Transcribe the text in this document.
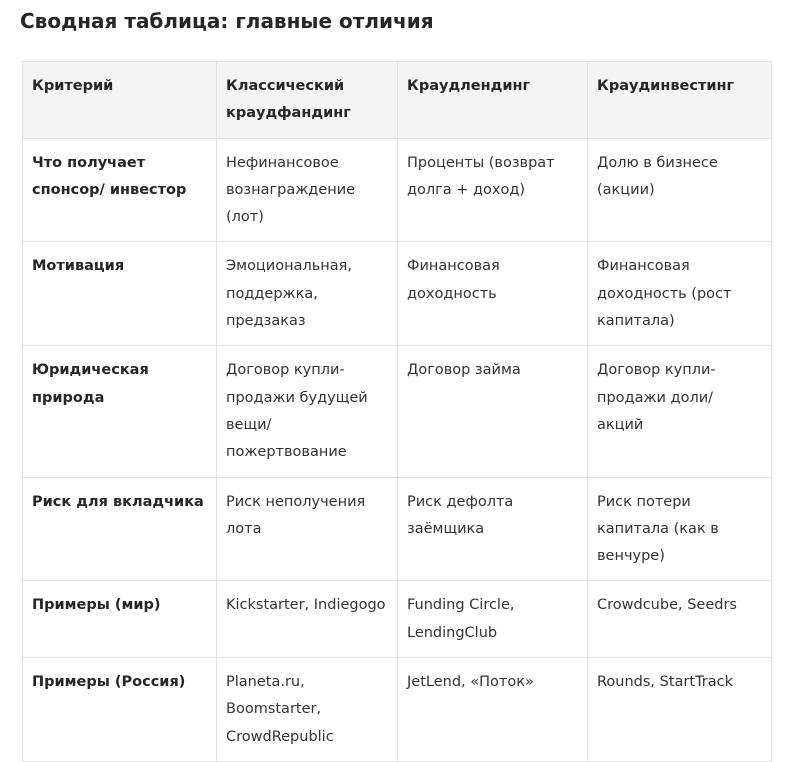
Сводная таблица: главные отличия
Критерий	Классический краудфандинг	Краудлендинг	Краудинвестинг
Что получает спонсор/ инвестор	Нефинансовое вознаграждение (лот)	Проценты (возврат долга + доход)	Долю в бизнесе (акции)
Мотивация	Эмоциональная, поддержка, предзаказ	Финансовая доходность	Финансовая доходность (рост капитала)
Юридическая природа	Договор купли-продажи будущей вещи/ пожертвование	Договор займа	Договор купли-продажи доли/ акций
Риск для вкладчика	Риск неполучения лота	Риск дефолта заёмщика	Риск потери капитала (как в венчуре)
Примеры (мир)	Kickstarter, Indiegogo	Funding Circle, LendingClub	Crowdcube, Seedrs
Примеры (Россия)	Planeta.ru, Boomstarter, CrowdRepublic	JetLend, «Поток»	Rounds, StartTrack
